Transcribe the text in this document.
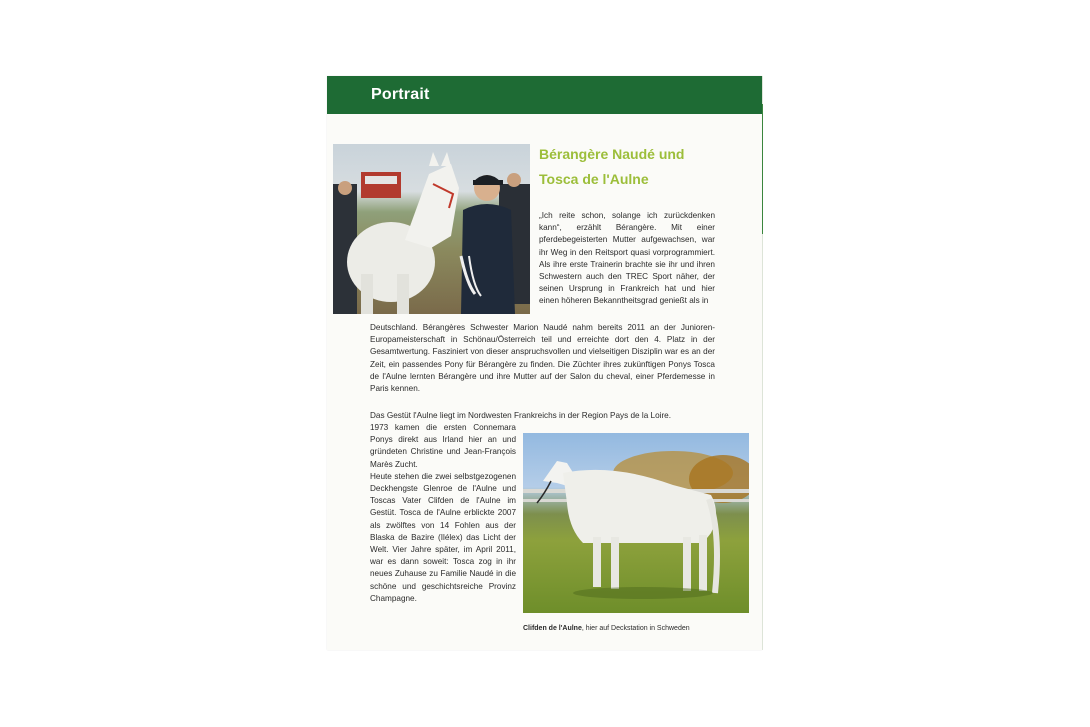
Portrait
Bérangère Naudé und
Tosca de l'Aulne
„Ich reite schon, solange ich zurückdenken kann“, erzählt Bérangère. Mit einer pferdebegeisterten Mutter aufgewachsen, war ihr Weg in den Reitsport quasi vorprogrammiert. Als ihre erste Trainerin brachte sie ihr und ihren Schwestern auch den TREC Sport näher, der seinen Ursprung in Frankreich hat und hier einen höheren Bekanntheitsgrad genießt als in
Deutschland. Bérangères Schwester Marion Naudé nahm bereits 2011 an der Junioren-Europameisterschaft in Schönau/Österreich teil und erreichte dort den 4. Platz in der Gesamtwertung. Fasziniert von dieser anspruchsvollen und vielseitigen Disziplin war es an der Zeit, ein passendes Pony für Bérangère zu finden. Die Züchter ihres zukünftigen Ponys Tosca de l'Aulne lernten Bérangère und ihre Mutter auf der Salon du cheval, einer Pferdemesse in Paris kennen.
Das Gestüt l'Aulne liegt im Nordwesten Frankreichs in der Region Pays de la Loire.
1973 kamen die ersten Connemara Ponys direkt aus Irland hier an und gründeten Christine und Jean-François Marès Zucht.
Heute stehen die zwei selbstgezogenen Deckhengste Glenroe de l'Aulne und Toscas Vater Clifden de l'Aulne im Gestüt. Tosca de l'Aulne erblickte 2007 als zwölftes von 14 Fohlen aus der Blaska de Bazire (Ilélex) das Licht der Welt. Vier Jahre später, im April 2011, war es dann soweit: Tosca zog in ihr neues Zuhause zu Familie Naudé in die schöne und geschichtsreiche Provinz Champagne.
Clifden de l'Aulne, hier auf Deckstation in Schweden
